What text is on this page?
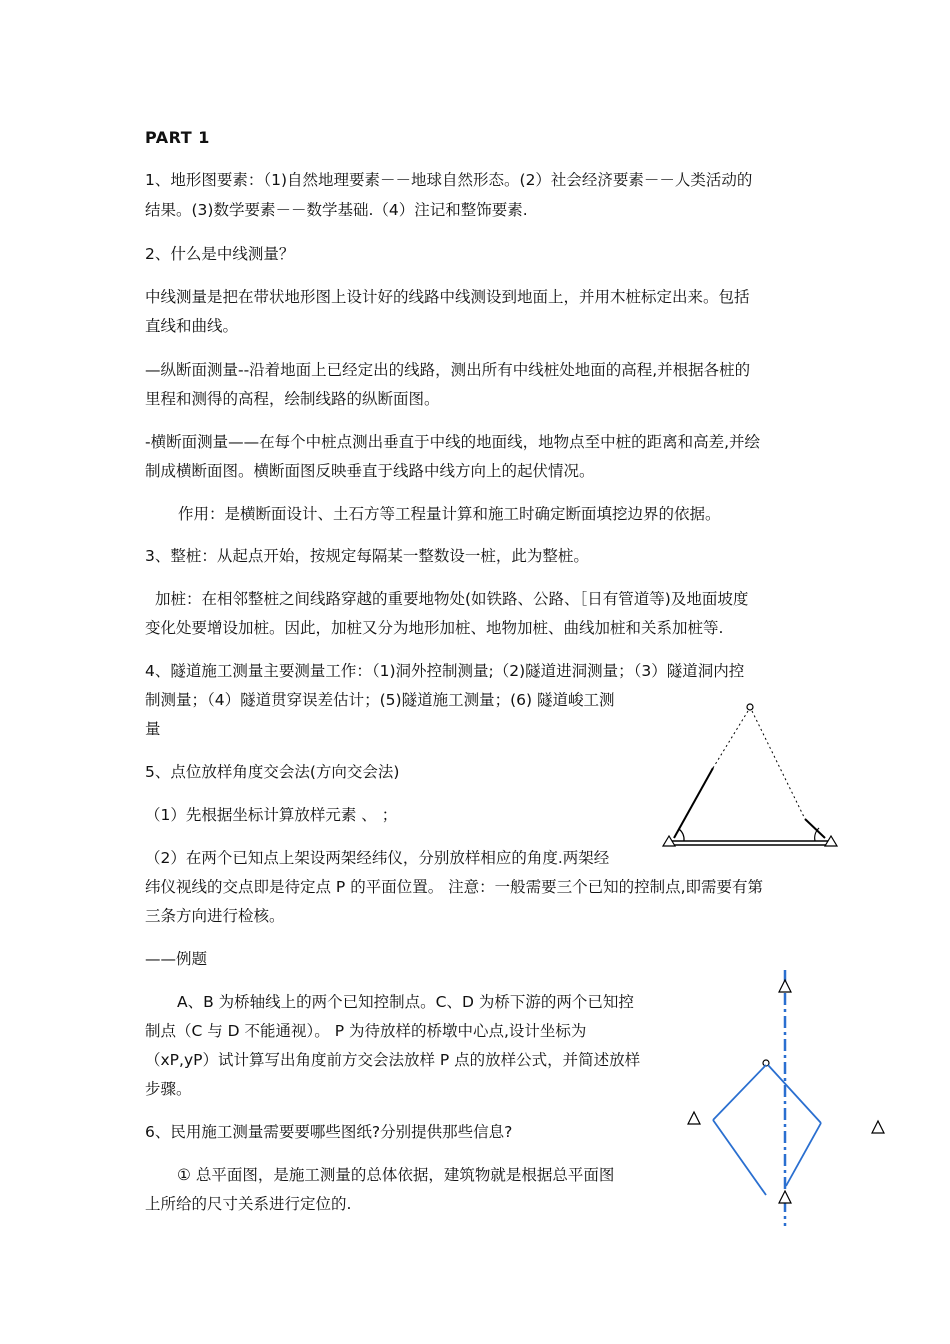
PART 1
1、地形图要素：（1)自然地理要素－－地球自然形态。(2）社会经济要素－－人类活动的
结果。(3)数学要素－－数学基础.（4）注记和整饰要素.
2、什么是中线测量？
中线测量是把在带状地形图上设计好的线路中线测设到地面上，并用木桩标定出来。包括
直线和曲线。
—纵断面测量--沿着地面上已经定出的线路，测出所有中线桩处地面的高程,并根据各桩的
里程和测得的高程，绘制线路的纵断面图。
-横断面测量——在每个中桩点测出垂直于中线的地面线，地物点至中桩的距离和高差,并绘
制成横断面图。横断面图反映垂直于线路中线方向上的起伏情况。
作用：是横断面设计、土石方等工程量计算和施工时确定断面填挖边界的依据。
3、整桩：从起点开始，按规定每隔某一整数设一桩，此为整桩。
加桩：在相邻整桩之间线路穿越的重要地物处(如铁路、公路、［日有管道等)及地面坡度
变化处要增设加桩。因此，加桩又分为地形加桩、地物加桩、曲线加桩和关系加桩等.
4、隧道施工测量主要测量工作：（1)洞外控制测量;（2)隧道进洞测量；（3）隧道洞内控
制测量；（4）隧道贯穿误差估计；(5)隧道施工测量；(6) 隧道峻工测
量
5、点位放样角度交会法(方向交会法)
（1）先根据坐标计算放样元素 、 ；
（2）在两个已知点上架设两架经纬仪，分别放样相应的角度.两架经
纬仪视线的交点即是待定点 P 的平面位置。 注意：一般需要三个已知的控制点,即需要有第
三条方向进行检核。
——例题
A、B 为桥轴线上的两个已知控制点。C、D 为桥下游的两个已知控
制点（C 与 D 不能通视）。 P 为待放样的桥墩中心点,设计坐标为
（xP,yP）试计算写出角度前方交会法放样 P 点的放样公式，并简述放样
步骤。
6、民用施工测量需要要哪些图纸?分别提供那些信息?
① 总平面图，是施工测量的总体依据，建筑物就是根据总平面图
上所给的尺寸关系进行定位的.
